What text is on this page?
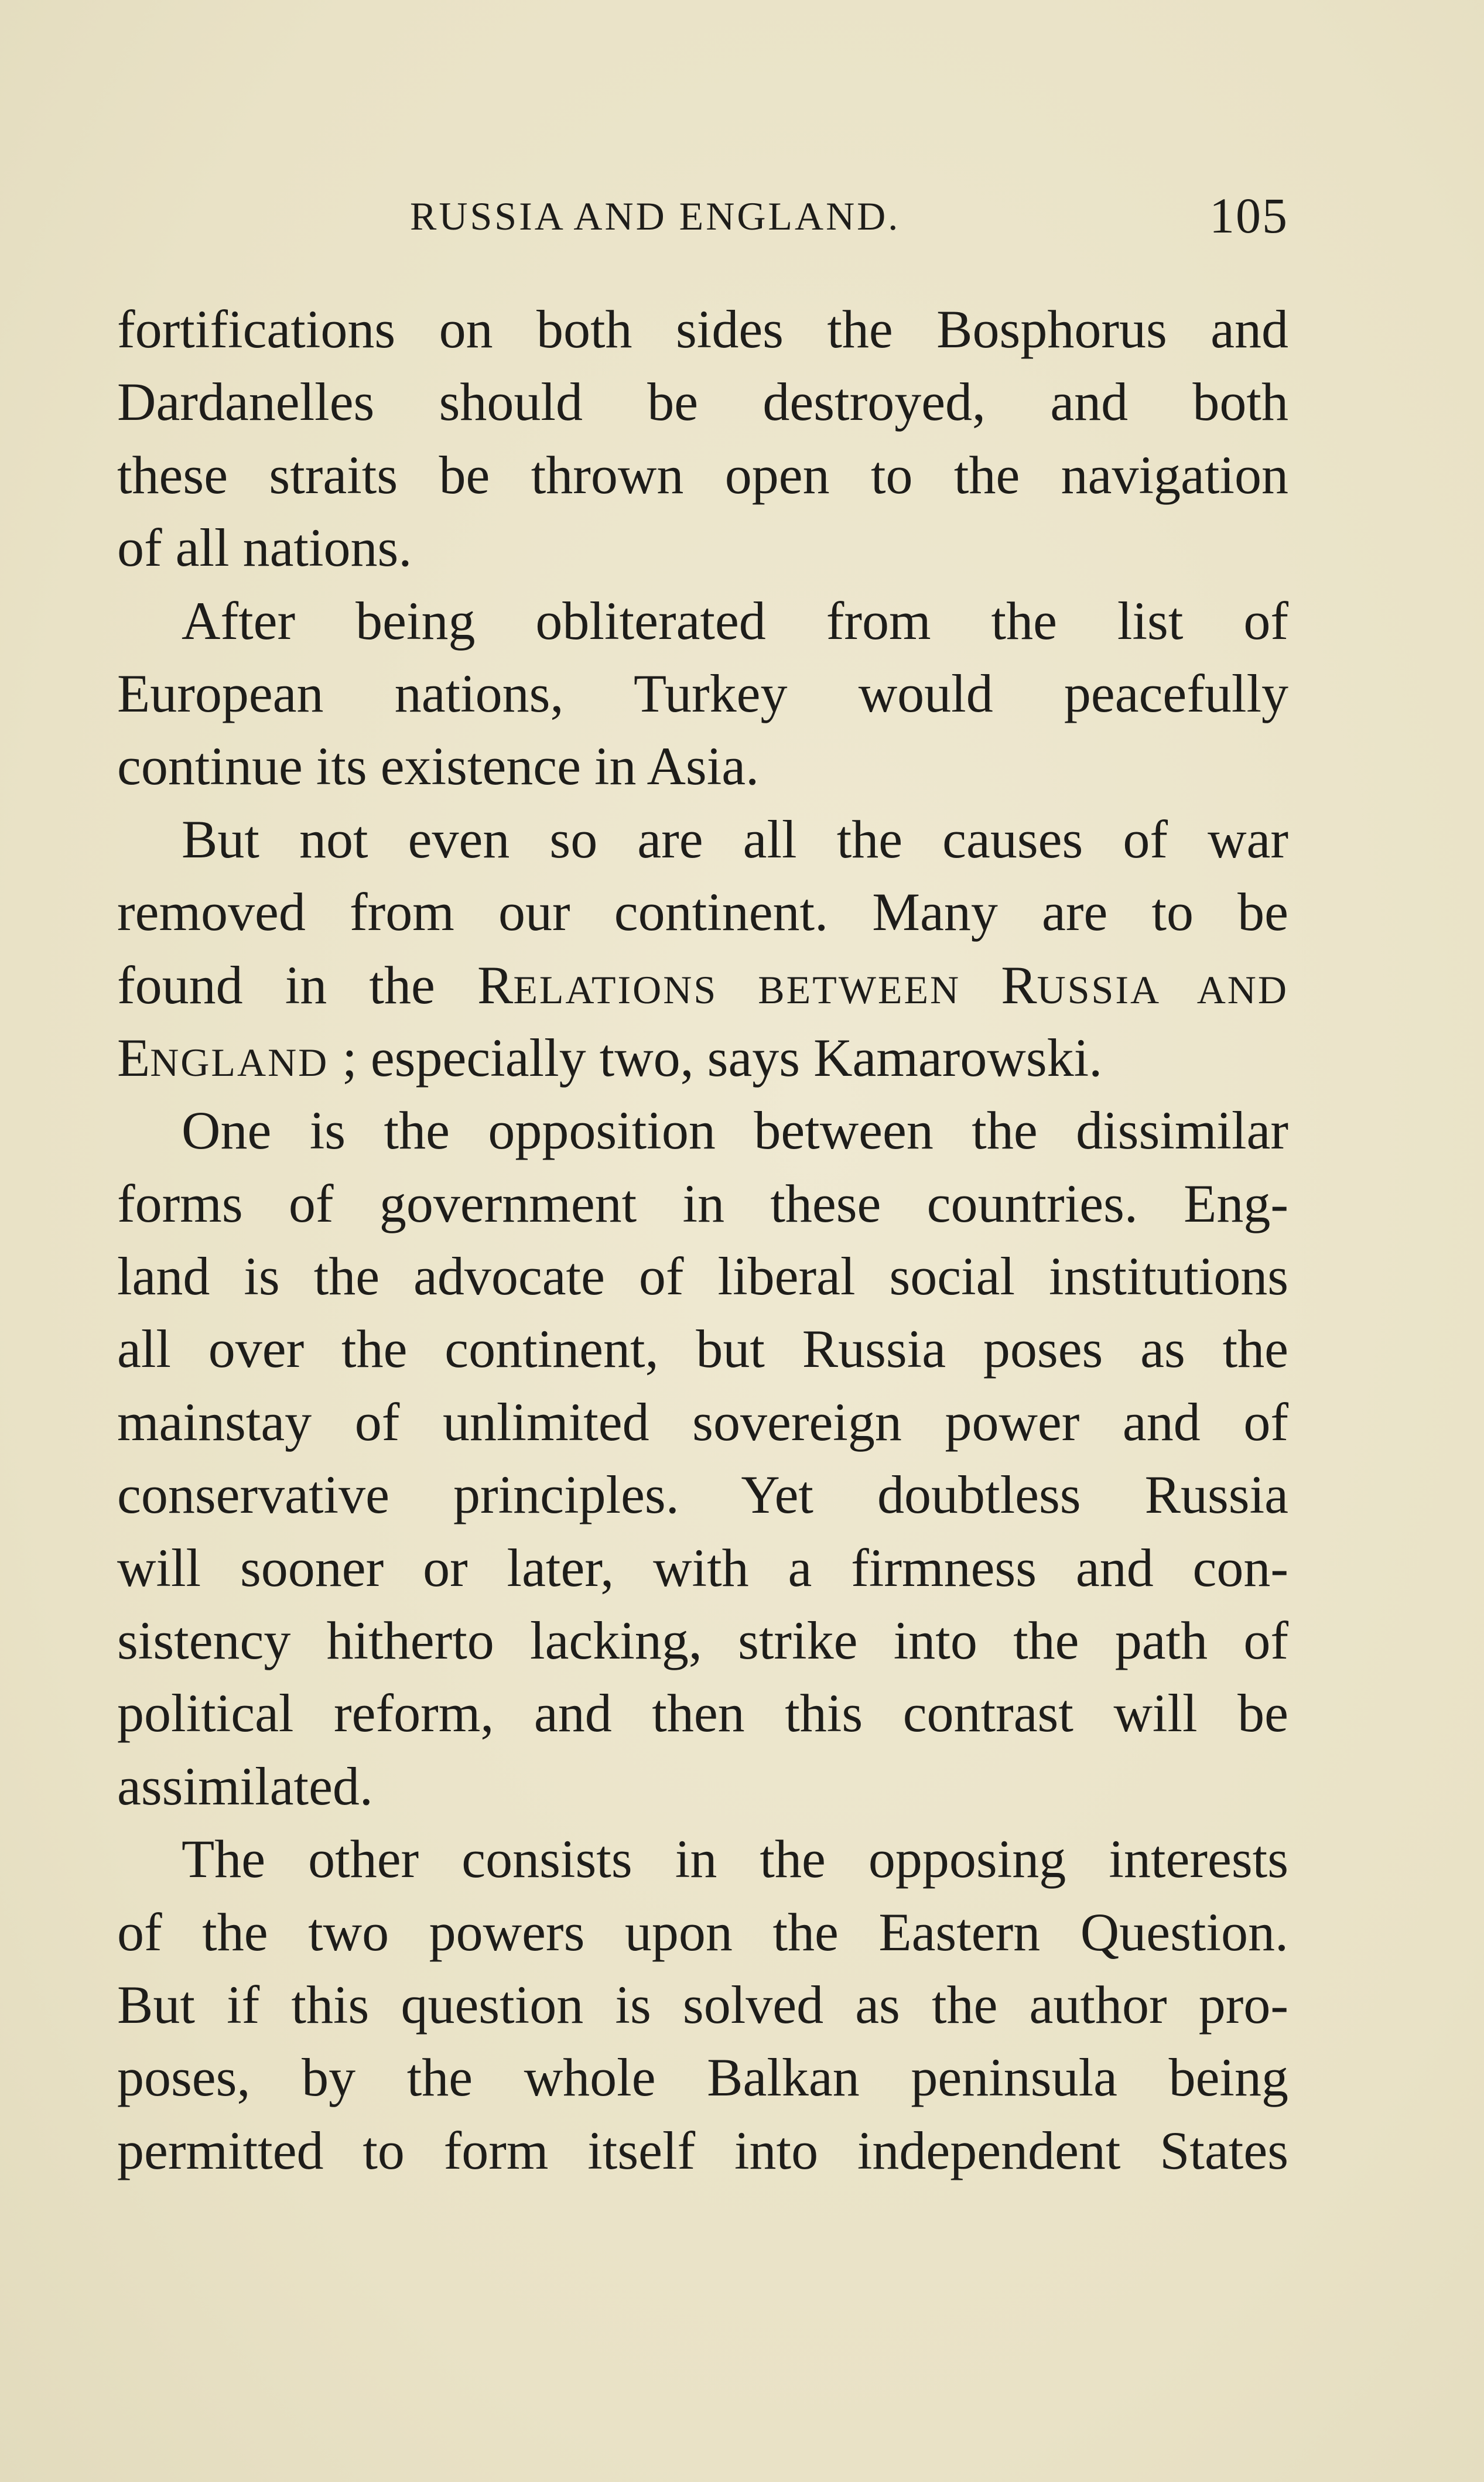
RUSSIA AND ENGLAND.	105
fortifications on both sides the Bosphorus and
Dardanelles should be destroyed, and both
these straits be thrown open to the navigation
of all nations.
After being obliterated from the list of
European nations, Turkey would peacefully
continue its existence in Asia.
But not even so are all the causes of war
removed from our continent. Many are to be
found in the RELATIONS BETWEEN RUSSIA AND
ENGLAND ; especially two, says Kamarowski.
One is the opposition between the dissimilar
forms of government in these countries. Eng-
land is the advocate of liberal social institutions
all over the continent, but Russia poses as the
mainstay of unlimited sovereign power and of
conservative principles. Yet doubtless Russia
will sooner or later, with a firmness and con-
sistency hitherto lacking, strike into the path of
political reform, and then this contrast will be
assimilated.
The other consists in the opposing interests
of the two powers upon the Eastern Question.
But if this question is solved as the author pro-
poses, by the whole Balkan peninsula being
permitted to form itself into independent States
